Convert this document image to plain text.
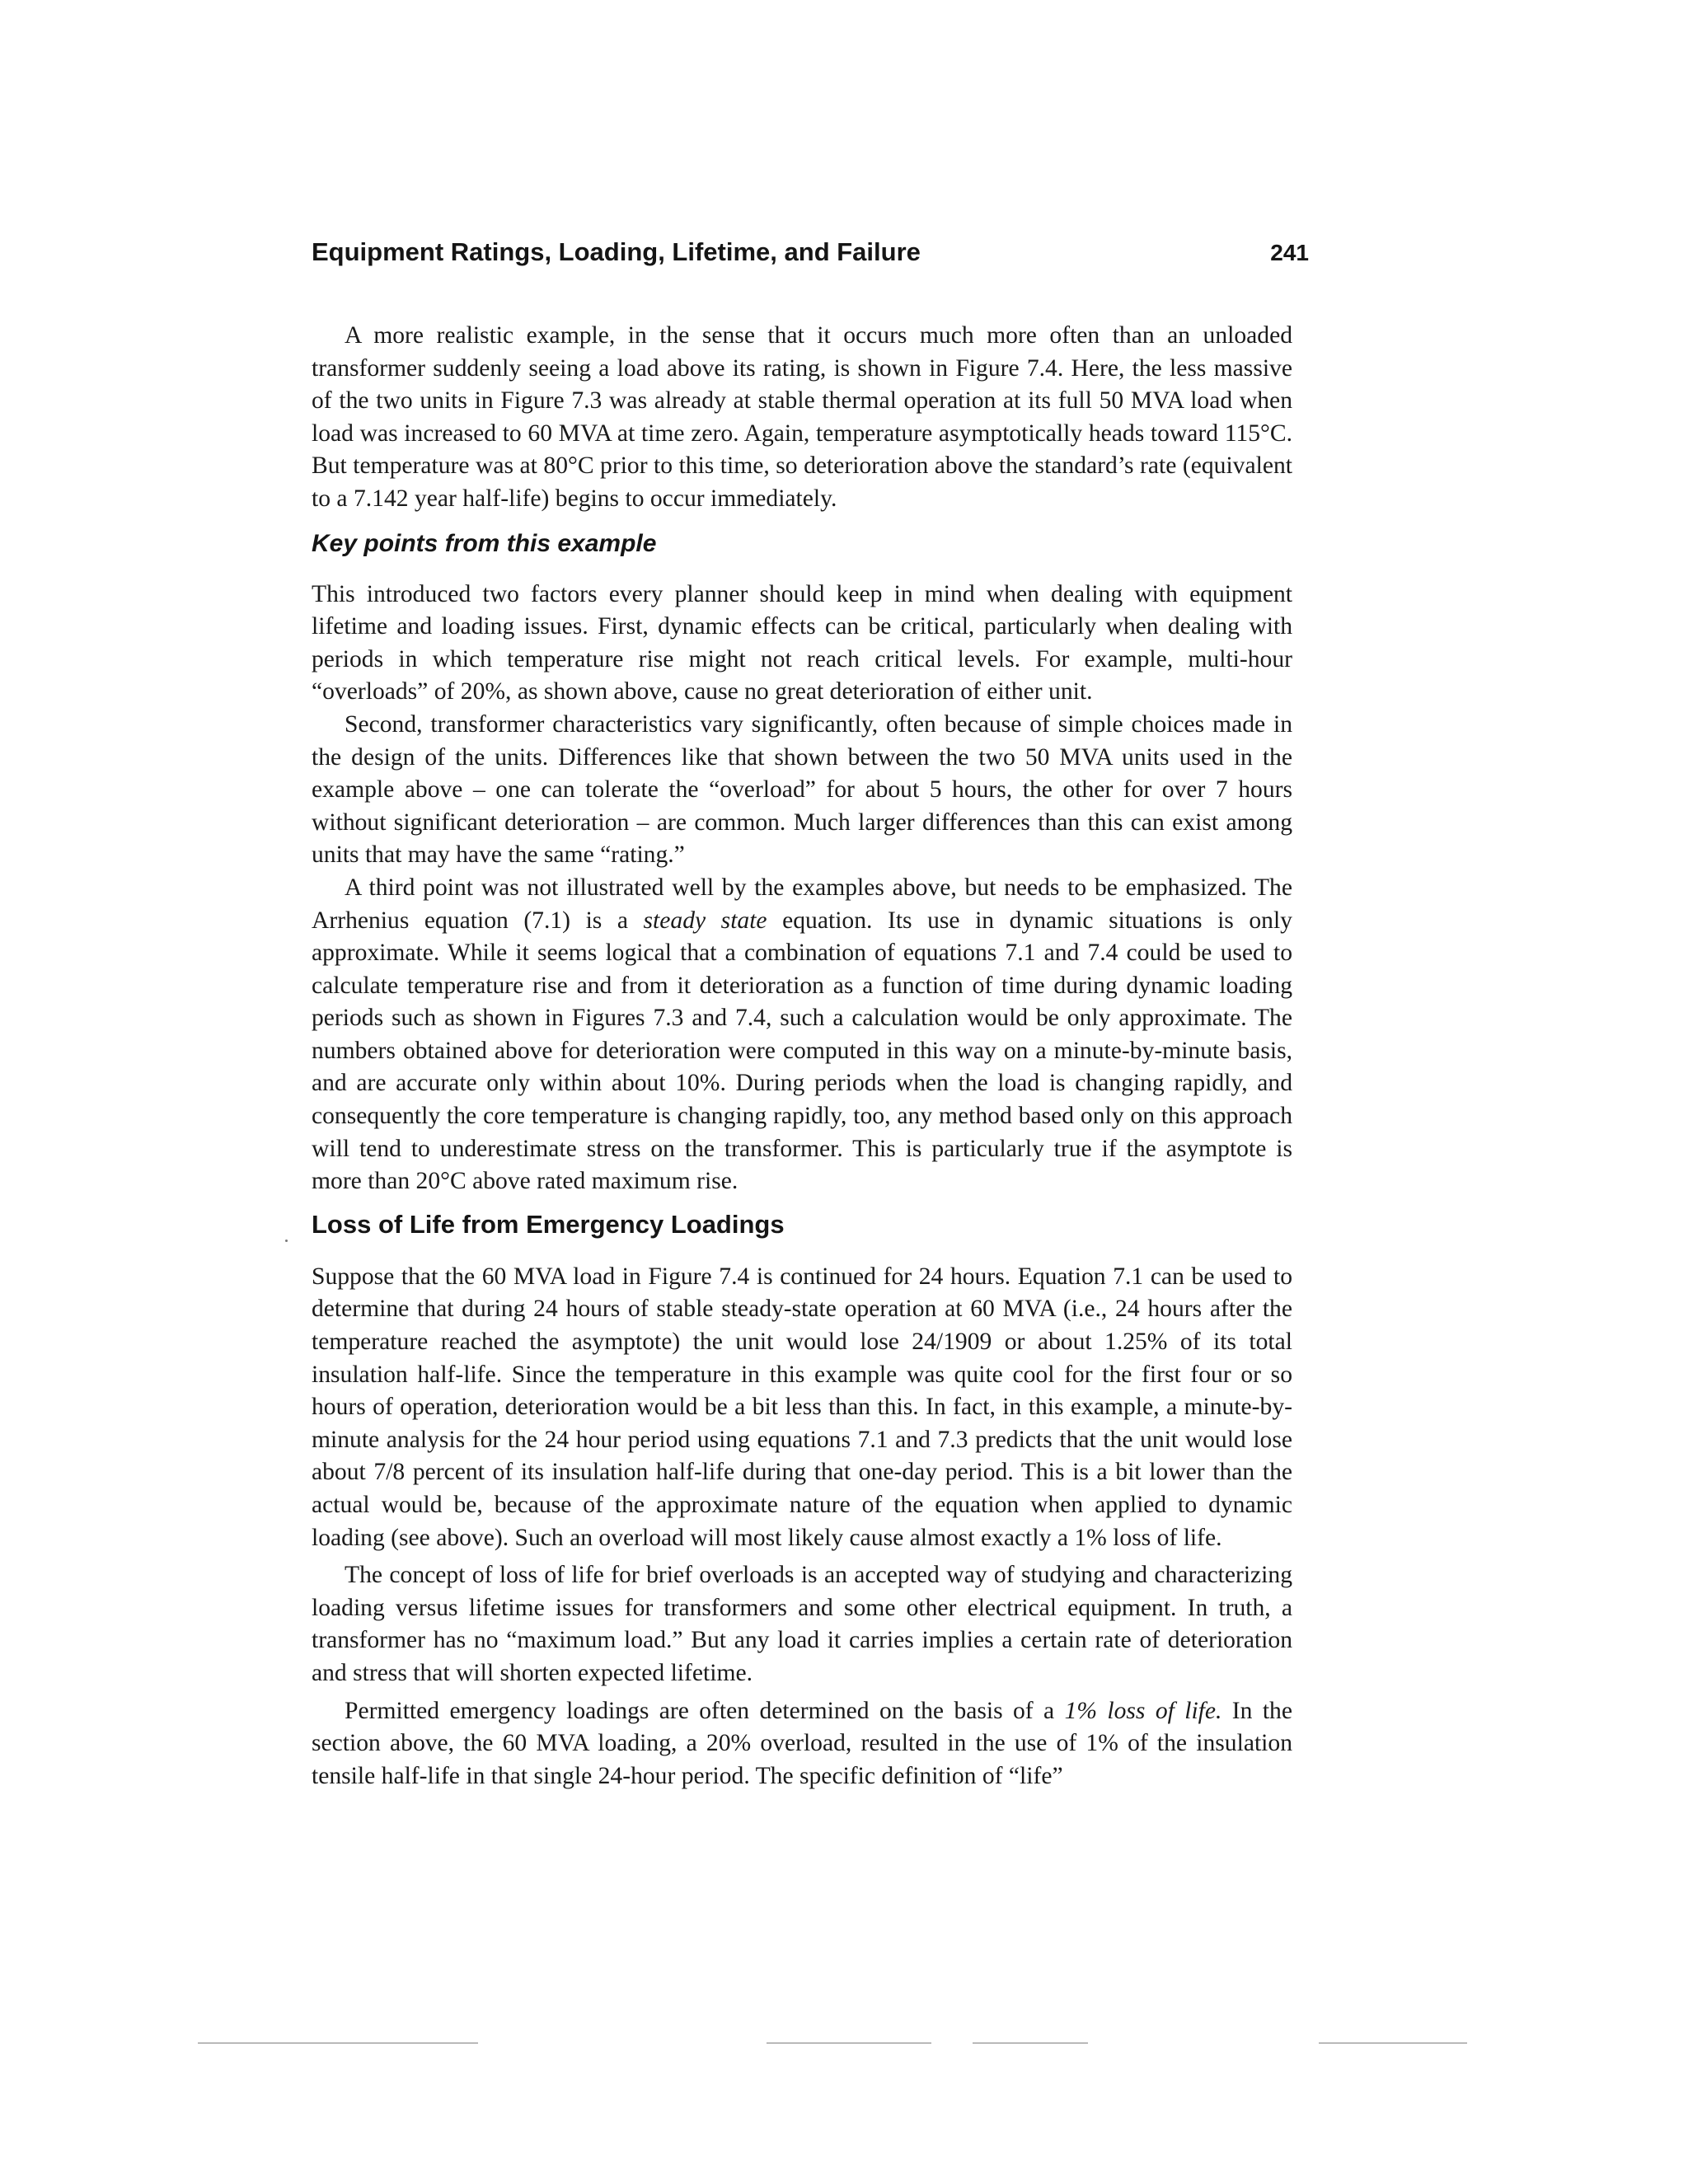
Equipment Ratings, Loading, Lifetime, and Failure	241

A more realistic example, in the sense that it occurs much more often than an unloaded transformer suddenly seeing a load above its rating, is shown in Figure 7.4. Here, the less massive of the two units in Figure 7.3 was already at stable thermal operation at its full 50 MVA load when load was increased to 60 MVA at time zero. Again, temperature asymptotically heads toward 115°C. But temperature was at 80°C prior to this time, so deterioration above the standard’s rate (equivalent to a 7.142 year half-life) begins to occur immediately.

Key points from this example

This introduced two factors every planner should keep in mind when dealing with equipment lifetime and loading issues. First, dynamic effects can be critical, particularly when dealing with periods in which temperature rise might not reach critical levels. For example, multi-hour “overloads” of 20%, as shown above, cause no great deterioration of either unit.

Second, transformer characteristics vary significantly, often because of simple choices made in the design of the units. Differences like that shown between the two 50 MVA units used in the example above – one can tolerate the “overload” for about 5 hours, the other for over 7 hours without significant deterioration – are common. Much larger differences than this can exist among units that may have the same “rating.”

A third point was not illustrated well by the examples above, but needs to be emphasized. The Arrhenius equation (7.1) is a steady state equation. Its use in dynamic situations is only approximate. While it seems logical that a combination of equations 7.1 and 7.4 could be used to calculate temperature rise and from it deterioration as a function of time during dynamic loading periods such as shown in Figures 7.3 and 7.4, such a calculation would be only approximate. The numbers obtained above for deterioration were computed in this way on a minute-by-minute basis, and are accurate only within about 10%. During periods when the load is changing rapidly, and consequently the core temperature is changing rapidly, too, any method based only on this approach will tend to underestimate stress on the transformer. This is particularly true if the asymptote is more than 20°C above rated maximum rise.

Loss of Life from Emergency Loadings

Suppose that the 60 MVA load in Figure 7.4 is continued for 24 hours. Equation 7.1 can be used to determine that during 24 hours of stable steady-state operation at 60 MVA (i.e., 24 hours after the temperature reached the asymptote) the unit would lose 24/1909 or about 1.25% of its total insulation half-life. Since the temperature in this example was quite cool for the first four or so hours of operation, deterioration would be a bit less than this. In fact, in this example, a minute-by-minute analysis for the 24 hour period using equations 7.1 and 7.3 predicts that the unit would lose about 7/8 percent of its insulation half-life during that one-day period. This is a bit lower than the actual would be, because of the approximate nature of the equation when applied to dynamic loading (see above). Such an overload will most likely cause almost exactly a 1% loss of life.

The concept of loss of life for brief overloads is an accepted way of studying and characterizing loading versus lifetime issues for transformers and some other electrical equipment. In truth, a transformer has no “maximum load.” But any load it carries implies a certain rate of deterioration and stress that will shorten expected lifetime.

Permitted emergency loadings are often determined on the basis of a 1% loss of life. In the section above, the 60 MVA loading, a 20% overload, resulted in the use of 1% of the insulation tensile half-life in that single 24-hour period. The specific definition of “life”
